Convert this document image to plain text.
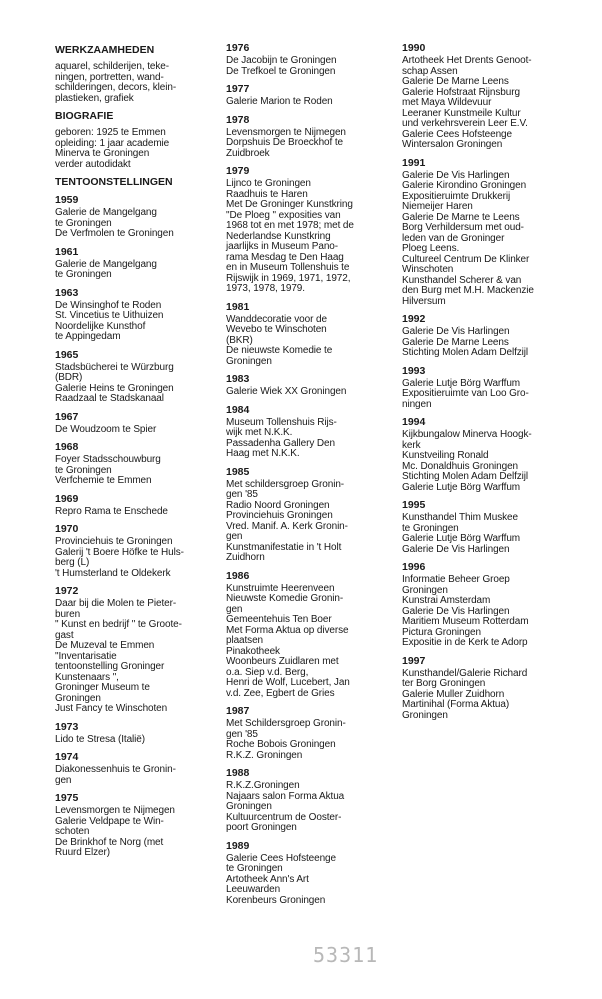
WERKZAAMHEDEN
aquarel, schilderijen, teke-
ningen, portretten, wand-
schilderingen, decors, klein-
plastieken, grafiek
BIOGRAFIE
geboren: 1925 te Emmen
opleiding: 1 jaar academie
Minerva te Groningen
verder autodidakt
TENTOONSTELLINGEN
1959
Galerie de Mangelgang
te Groningen
De Verfmolen te Groningen
1961
Galerie de Mangelgang
te Groningen
1963
De Winsinghof te Roden
St. Vincetius te Uithuizen
Noordelijke Kunsthof
te Appingedam
1965
Stadsbücherei te Würzburg
(BDR)
Galerie Heins te Groningen
Raadzaal te Stadskanaal
1967
De Woudzoom te Spier
1968
Foyer Stadsschouwburg
te Groningen
Verfchemie te Emmen
1969
Repro Rama te Enschede
1970
Provinciehuis te Groningen
Galerij 't Boere Höfke te Huls-
berg (L)
't Humsterland te Oldekerk
1972
Daar bij die Molen te Pieter-
buren
" Kunst en bedrijf " te Groote-
gast
De Muzeval te Emmen
"Inventarisatie
tentoonstelling Groninger
Kunstenaars ",
Groninger Museum te
Groningen
Just Fancy te Winschoten
1973
Lido te Stresa (Italië)
1974
Diakonessenhuis te Gronin-
gen
1975
Levensmorgen te Nijmegen
Galerie Veldpape te Win-
schoten
De Brinkhof te Norg (met
Ruurd Elzer)
1976
De Jacobijn te Groningen
De Trefkoel te Groningen
1977
Galerie Marion te Roden
1978
Levensmorgen te Nijmegen
Dorpshuis De Broeckhof te
Zuidbroek
1979
Lijnco te Groningen
Raadhuis te Haren
Met De Groninger Kunstkring
"De Ploeg " exposities van
1968 tot en met 1978; met de
Nederlandse Kunstkring
jaarlijks in Museum Pano-
rama Mesdag te Den Haag
en in Museum Tollenshuis te
Rijswijk in 1969, 1971, 1972,
1973, 1978, 1979.
1981
Wanddecoratie voor de
Wevebo te Winschoten
(BKR)
De nieuwste Komedie te
Groningen
1983
Galerie Wiek XX Groningen
1984
Museum Tollenshuis Rijs-
wijk met N.K.K.
Passadenha Gallery Den
Haag met N.K.K.
1985
Met schildersgroep Gronin-
gen '85
Radio Noord Groningen
Provinciehuis Groningen
Vred. Manif. A. Kerk Gronin-
gen
Kunstmanifestatie in 't Holt
Zuidhorn
1986
Kunstruimte Heerenveen
Nieuwste Komedie Gronin-
gen
Gemeentehuis Ten Boer
Met Forma Aktua op diverse
plaatsen
Pinakotheek
Woonbeurs Zuidlaren met
o.a. Siep v.d. Berg,
Henri de Wolf, Lucebert, Jan
v.d. Zee, Egbert de Gries
1987
Met Schildersgroep Gronin-
gen '85
Roche Bobois Groningen
R.K.Z. Groningen
1988
R.K.Z.Groningen
Najaars salon Forma Aktua
Groningen
Kultuurcentrum de Ooster-
poort Groningen
1989
Galerie Cees Hofsteenge
te Groningen
Artotheek Ann's Art
Leeuwarden
Korenbeurs Groningen
1990
Artotheek Het Drents Genoot-
schap Assen
Galerie De Marne Leens
Galerie Hofstraat Rijnsburg
met Maya Wildevuur
Leeraner Kunstmeile Kultur
und verkehrsverein Leer E.V.
Galerie Cees Hofsteenge
Wintersalon Groningen
1991
Galerie De Vis Harlingen
Galerie Kirondino Groningen
Expositieruimte Drukkerij
Niemeijer Haren
Galerie De Marne te Leens
Borg Verhildersum met oud-
leden van de Groninger
Ploeg Leens.
Cultureel Centrum De Klinker
Winschoten
Kunsthandel Scherer & van
den Burg met M.H. Mackenzie
Hilversum
1992
Galerie De Vis Harlingen
Galerie De Marne Leens
Stichting Molen Adam Delfzijl
1993
Galerie Lutje Börg Warffum
Expositieruimte van Loo Gro-
ningen
1994
Kijkbungalow Minerva Hoogk-
kerk
Kunstveiling Ronald
Mc. Donaldhuis Groningen
Stichting Molen Adam Delfzijl
Galerie Lutje Börg Warffum
1995
Kunsthandel Thim Muskee
te Groningen
Galerie Lutje Börg Warffum
Galerie De Vis Harlingen
1996
Informatie Beheer Groep
Groningen
Kunstrai Amsterdam
Galerie De Vis Harlingen
Maritiem Museum Rotterdam
Pictura Groningen
Expositie in de Kerk te Adorp
1997
Kunsthandel/Galerie Richard
ter Borg Groningen
Galerie Muller Zuidhorn
Martinihal (Forma Aktua)
Groningen
53311
